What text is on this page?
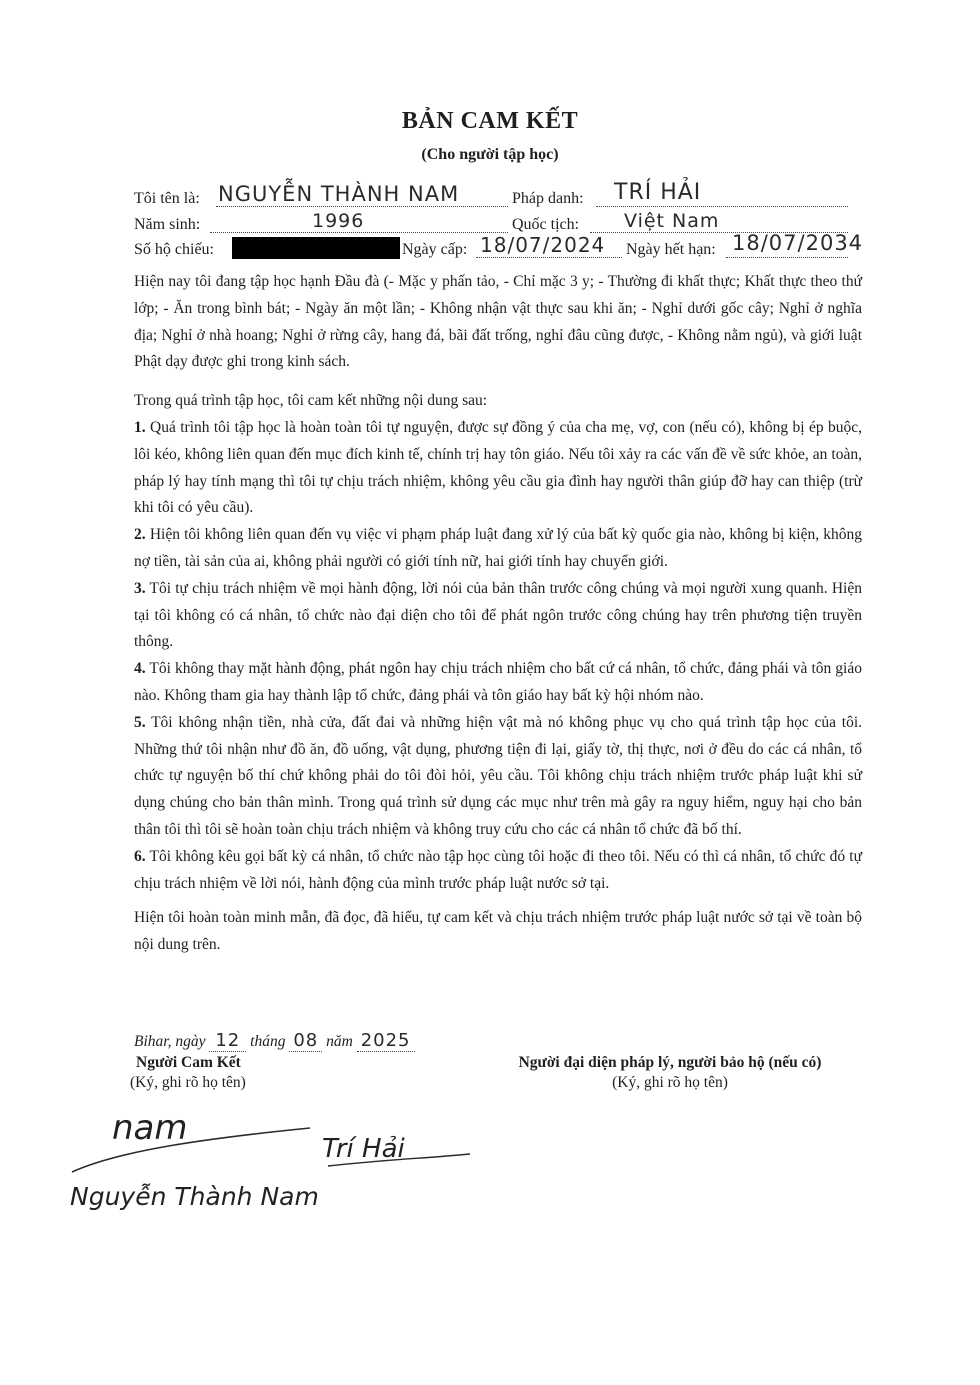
BẢN CAM KẾT
(Cho người tập học)
Tôi tên là: NGUYỄN THÀNH NAM	Pháp danh: TRÍ HẢI
Năm sinh:	1996	Quốc tịch: Việt Nam
Số hộ chiếu:	Ngày cấp: 18/07/2024 Ngày hết hạn: 18/07/2034

Hiện nay tôi đang tập học hạnh Đầu đà (- Mặc y phấn tảo, - Chỉ mặc 3 y; - Thường đi khất thực; Khất thực theo thứ lớp; - Ăn trong bình bát; - Ngày ăn một lần; - Không nhận vật thực sau khi ăn; - Nghỉ dưới gốc cây; Nghỉ ở nghĩa địa; Nghỉ ở nhà hoang; Nghỉ ở rừng cây, hang đá, bãi đất trống, nghỉ đâu cũng được, - Không nằm ngủ), và giới luật Phật dạy được ghi trong kinh sách.

Trong quá trình tập học, tôi cam kết những nội dung sau:

1. Quá trình tôi tập học là hoàn toàn tôi tự nguyện, được sự đồng ý của cha mẹ, vợ, con (nếu có), không bị ép buộc, lôi kéo, không liên quan đến mục đích kinh tế, chính trị hay tôn giáo. Nếu tôi xảy ra các vấn đề về sức khỏe, an toàn, pháp lý hay tính mạng thì tôi tự chịu trách nhiệm, không yêu cầu gia đình hay người thân giúp đỡ hay can thiệp (trừ khi tôi có yêu cầu).

2. Hiện tôi không liên quan đến vụ việc vi phạm pháp luật đang xử lý của bất kỳ quốc gia nào, không bị kiện, không nợ tiền, tài sản của ai, không phải người có giới tính nữ, hai giới tính hay chuyển giới.

3. Tôi tự chịu trách nhiệm về mọi hành động, lời nói của bản thân trước công chúng và mọi người xung quanh. Hiện tại tôi không có cá nhân, tổ chức nào đại diện cho tôi để phát ngôn trước công chúng hay trên phương tiện truyền thông.

4. Tôi không thay mặt hành động, phát ngôn hay chịu trách nhiệm cho bất cứ cá nhân, tổ chức, đảng phái và tôn giáo nào. Không tham gia hay thành lập tổ chức, đảng phái và tôn giáo hay bất kỳ hội nhóm nào.

5. Tôi không nhận tiền, nhà cửa, đất đai và những hiện vật mà nó không phục vụ cho quá trình tập học của tôi. Những thứ tôi nhận như đồ ăn, đồ uống, vật dụng, phương tiện đi lại, giấy tờ, thị thực, nơi ở đều do các cá nhân, tổ chức tự nguyện bố thí chứ không phải do tôi đòi hỏi, yêu cầu. Tôi không chịu trách nhiệm trước pháp luật khi sử dụng chúng cho bản thân mình. Trong quá trình sử dụng các mục như trên mà gây ra nguy hiểm, nguy hại cho bản thân tôi thì tôi sẽ hoàn toàn chịu trách nhiệm và không truy cứu cho các cá nhân tổ chức đã bố thí.

6. Tôi không kêu gọi bất kỳ cá nhân, tổ chức nào tập học cùng tôi hoặc đi theo tôi. Nếu có thì cá nhân, tổ chức đó tự chịu trách nhiệm về lời nói, hành động của mình trước pháp luật nước sở tại.

Hiện tôi hoàn toàn minh mẫn, đã đọc, đã hiểu, tự cam kết và chịu trách nhiệm trước pháp luật nước sở tại về toàn bộ nội dung trên.

Bihar, ngày 12 tháng 08 năm 2025
Người Cam Kết
(Ký, ghi rõ họ tên)
Người đại diện pháp lý, người bảo hộ (nếu có)
(Ký, ghi rõ họ tên)
nam
Trí Hải
Nguyễn Thành Nam
